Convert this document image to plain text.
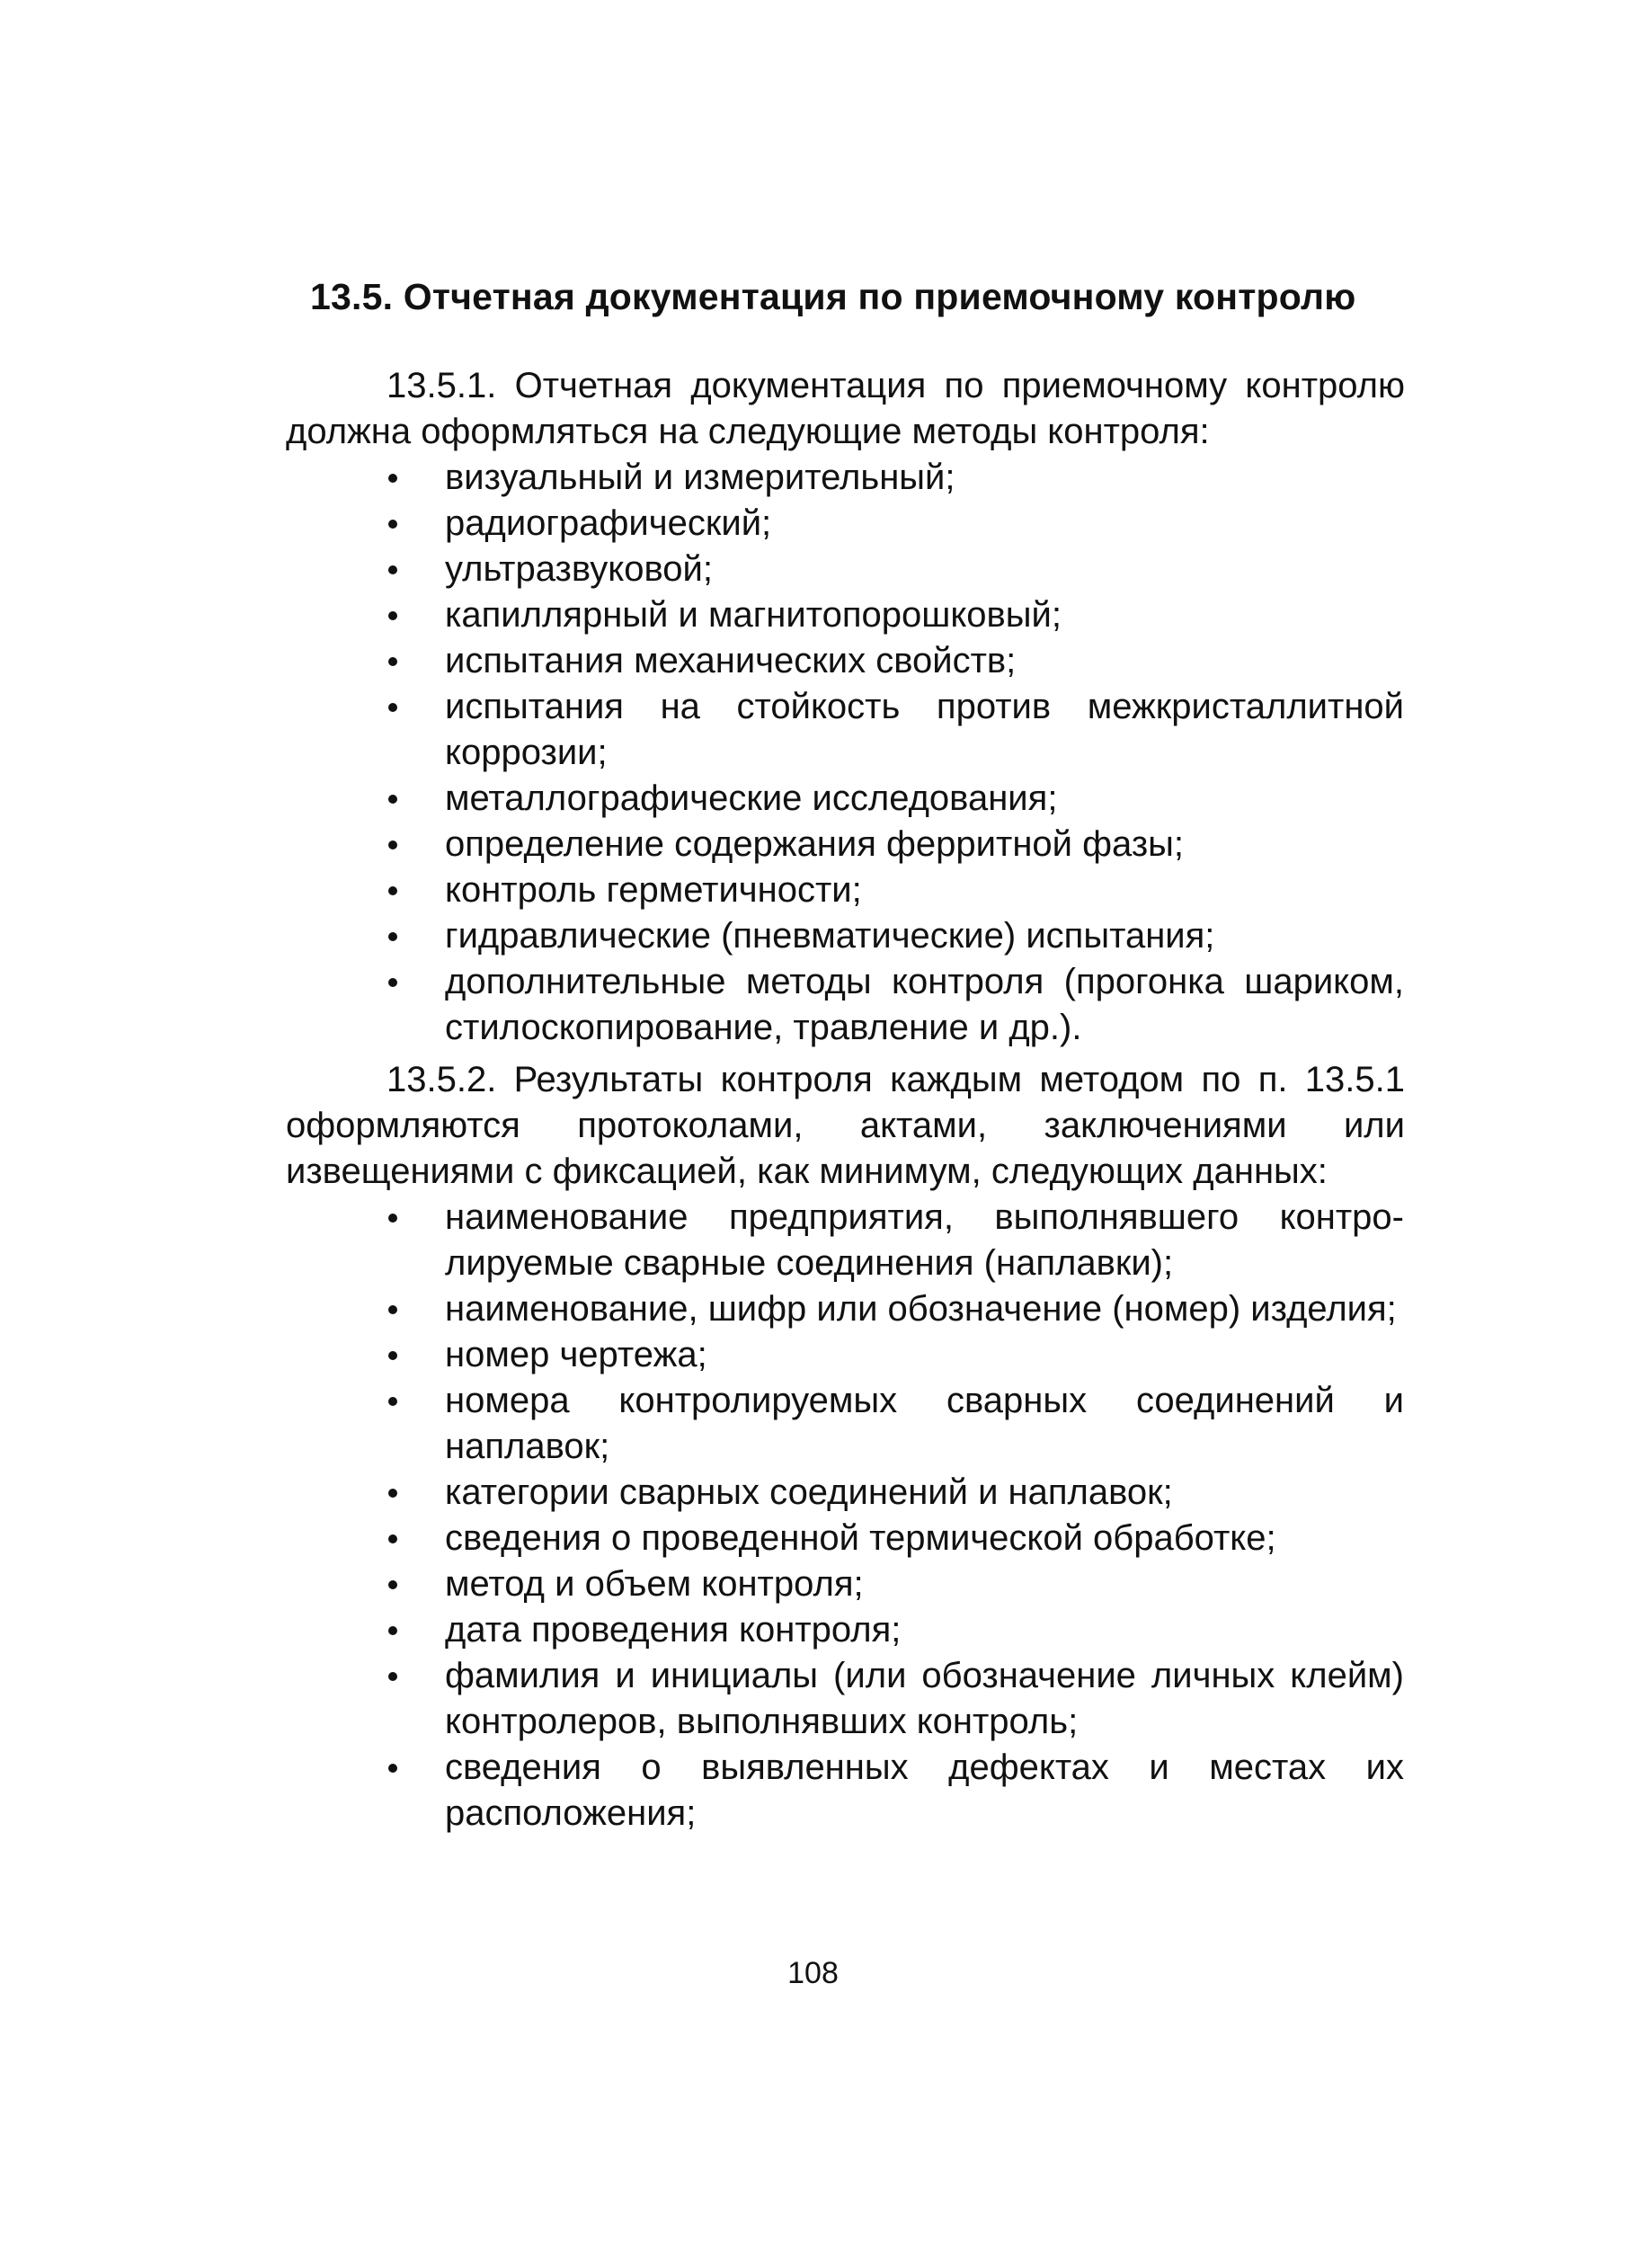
13.5. Отчетная документация по приемочному контролю
13.5.1. Отчетная документация по приемочному контролю должна оформляться на следующие методы контроля:
визуальный и измерительный;
радиографический;
ультразвуковой;
капиллярный и магнитопорошковый;
испытания механических свойств;
испытания на стойкость против межкристаллитной коррозии;
металлографические исследования;
определение содержания ферритной фазы;
контроль герметичности;
гидравлические (пневматические) испытания;
дополнительные методы контроля (прогонка шариком, стилоскопирование, травление и др.).
13.5.2. Результаты контроля каждым методом по п. 13.5.1 оформляются протоколами, актами, заключениями или извещениями с фиксацией, как минимум, следующих данных:
наименование предприятия, выполнявшего контролируемые сварные соединения (наплавки);
наименование, шифр или обозначение (номер) изделия;
номер чертежа;
номера контролируемых сварных соединений и наплавок;
категории сварных соединений и наплавок;
сведения о проведенной термической обработке;
метод и объем контроля;
дата проведения контроля;
фамилия и инициалы (или обозначение личных клейм) контролеров, выполнявших контроль;
сведения о выявленных дефектах и местах их расположения;
108
